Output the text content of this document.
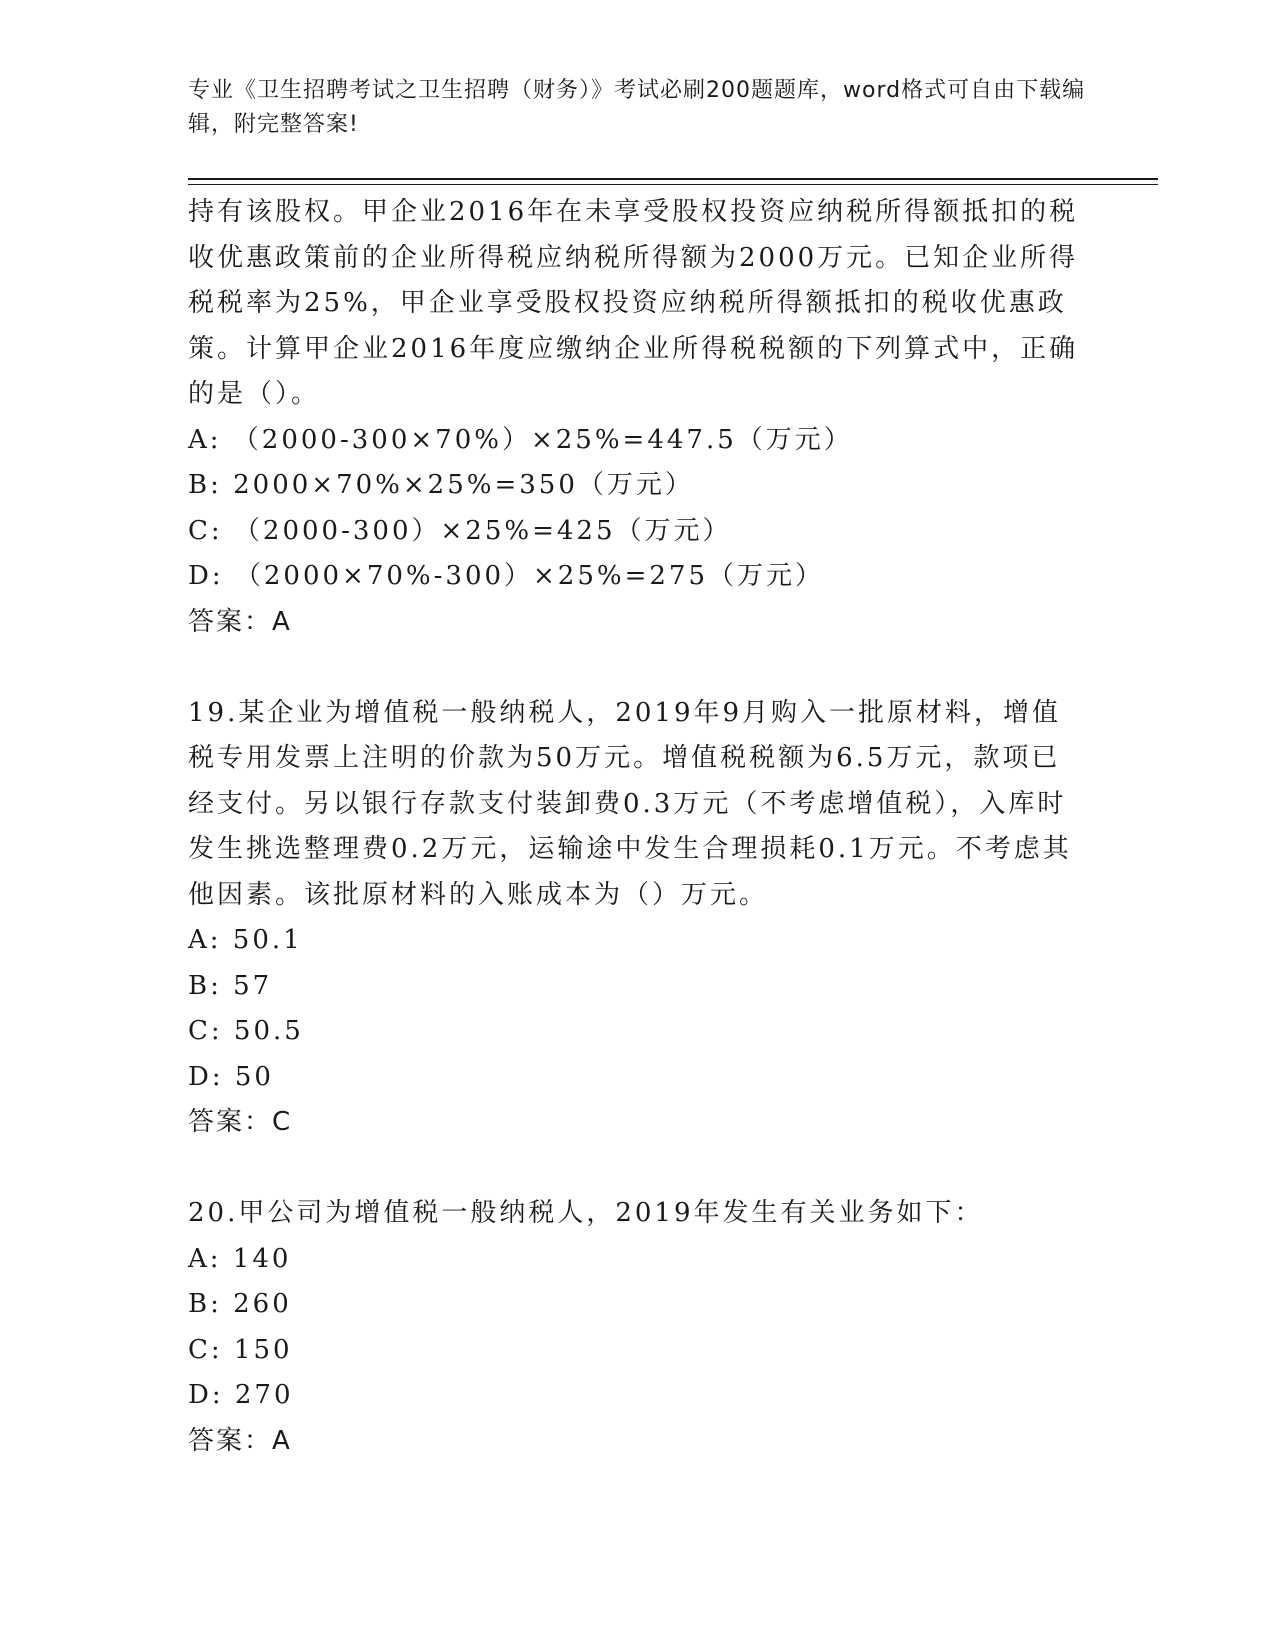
专业《卫生招聘考试之卫生招聘（财务）》考试必刷200题题库，word格式可自由下载编辑，附完整答案!

持有该股权。甲企业2016年在未享受股权投资应纳税所得额抵扣的税收优惠政策前的企业所得税应纳税所得额为2000万元。已知企业所得税税率为25%，甲企业享受股权投资应纳税所得额抵扣的税收优惠政策。计算甲企业2016年度应缴纳企业所得税税额的下列算式中，正确的是（）。

A: （2000-300×70%）×25%=447.5（万元）

B: 2000×70%×25%=350（万元）

C: （2000-300）×25%=425（万元）

D: （2000×70%-300）×25%=275（万元）

答案：A

19.某企业为增值税一般纳税人，2019年9月购入一批原材料，增值税专用发票上注明的价款为50万元。增值税税额为6.5万元，款项已经支付。另以银行存款支付装卸费0.3万元（不考虑增值税），入库时发生挑选整理费0.2万元，运输途中发生合理损耗0.1万元。不考虑其他因素。该批原材料的入账成本为（）万元。

A: 50.1

B: 57

C: 50.5

D: 50

答案：C

20.甲公司为增值税一般纳税人，2019年发生有关业务如下：

A: 140

B: 260

C: 150

D: 270

答案：A
